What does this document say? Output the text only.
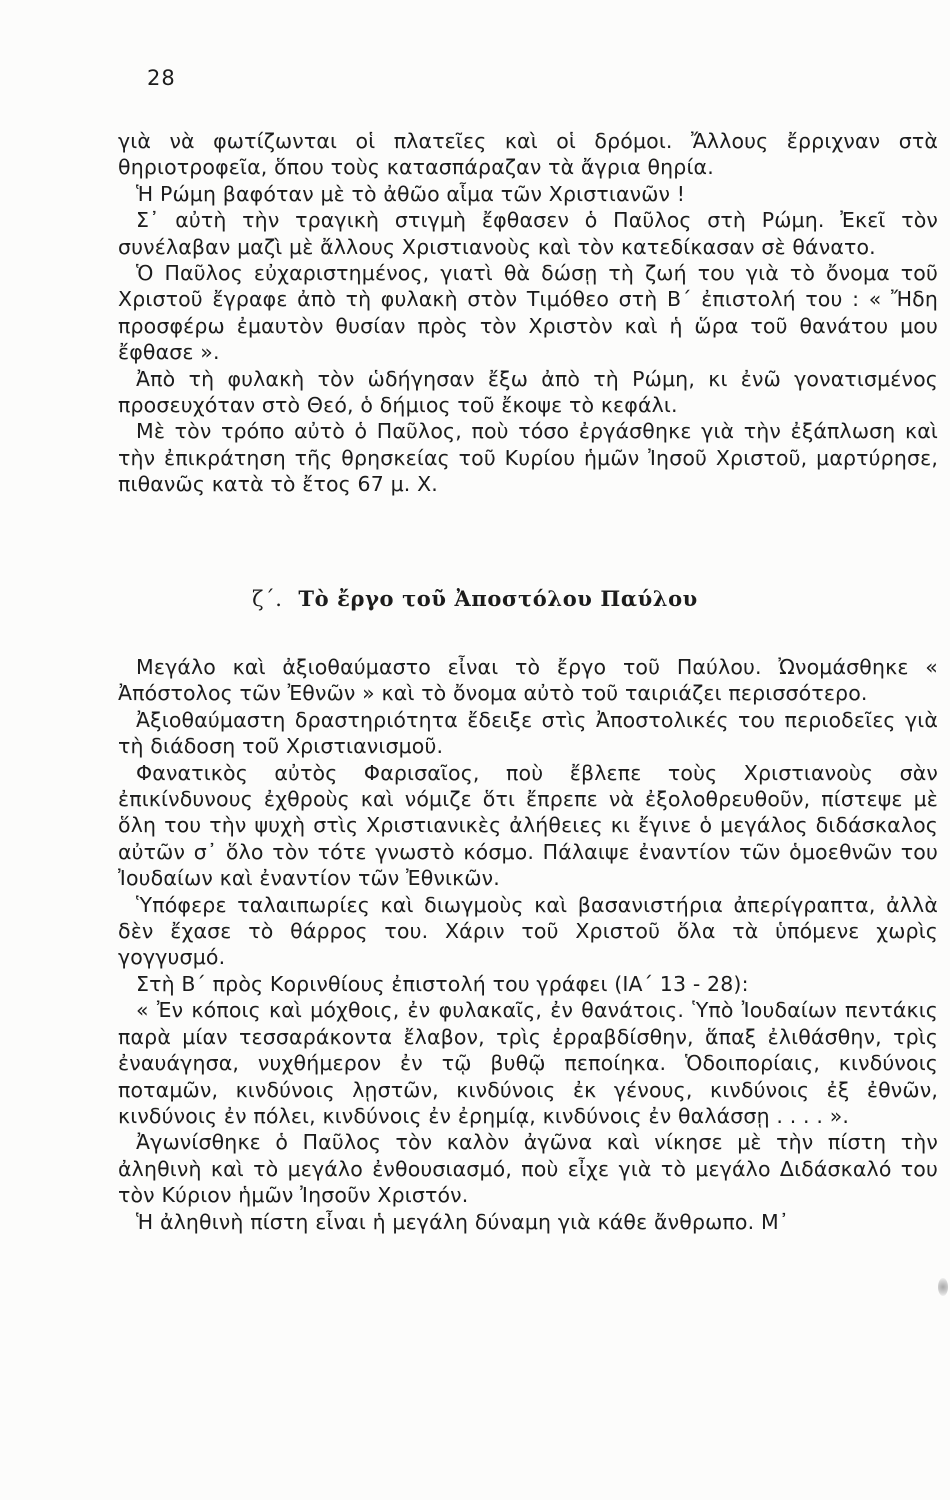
28

γιὰ νὰ φωτίζωνται οἱ πλατεῖες καὶ οἱ δρόμοι. Ἄλλους ἔρριχναν στὰ θηριοτροφεῖα, ὅπου τοὺς κατασπάραζαν τὰ ἄγρια θηρία.

Ἡ Ρώμη βαφόταν μὲ τὸ ἀθῶο αἷμα τῶν Χριστιανῶν !

Σ᾽ αὐτὴ τὴν τραγικὴ στιγμὴ ἔφθασεν ὁ Παῦλος στὴ Ρώμη. Ἐκεῖ τὸν συνέλαβαν μαζὶ μὲ ἄλλους Χριστιανοὺς καὶ τὸν κατεδίκασαν σὲ θάνατο.

Ὁ Παῦλος εὐχαριστημένος, γιατὶ θὰ δώσῃ τὴ ζωή του γιὰ τὸ ὄνομα τοῦ Χριστοῦ ἔγραφε ἀπὸ τὴ φυλακὴ στὸν Τιμόθεο στὴ Β΄ ἐπιστολή του : « Ἤδη προσφέρω ἐμαυτὸν θυσίαν πρὸς τὸν Χριστὸν καὶ ἡ ὥρα τοῦ θανάτου μου ἔφθασε ».

Ἀπὸ τὴ φυλακὴ τὸν ὡδήγησαν ἔξω ἀπὸ τὴ Ρώμη, κι ἐνῶ γονατισμένος προσευχόταν στὸ Θεό, ὁ δήμιος τοῦ ἔκοψε τὸ κεφάλι.

Μὲ τὸν τρόπο αὐτὸ ὁ Παῦλος, ποὺ τόσο ἐργάσθηκε γιὰ τὴν ἐξάπλωση καὶ τὴν ἐπικράτηση τῆς θρησκείας τοῦ Κυρίου ἡμῶν Ἰησοῦ Χριστοῦ, μαρτύρησε, πιθανῶς κατὰ τὸ ἔτος 67 μ. Χ.

ζ΄. Τὸ ἔργο τοῦ Ἀποστόλου Παύλου

Μεγάλο καὶ ἀξιοθαύμαστο εἶναι τὸ ἔργο τοῦ Παύλου. Ὠνομάσθηκε « Ἀπόστολος τῶν Ἐθνῶν » καὶ τὸ ὄνομα αὐτὸ τοῦ ταιριάζει περισσότερο.

Ἀξιοθαύμαστη δραστηριότητα ἔδειξε στὶς Ἀποστολικές του περιοδεῖες γιὰ τὴ διάδοση τοῦ Χριστιανισμοῦ.

Φανατικὸς αὐτὸς Φαρισαῖος, ποὺ ἔβλεπε τοὺς Χριστιανοὺς σὰν ἐπικίνδυνους ἐχθροὺς καὶ νόμιζε ὅτι ἔπρεπε νὰ ἐξολοθρευθοῦν, πίστεψε μὲ ὅλη του τὴν ψυχὴ στὶς Χριστιανικὲς ἀλήθειες κι ἔγινε ὁ μεγάλος διδάσκαλος αὐτῶν σ᾽ ὅλο τὸν τότε γνωστὸ κόσμο. Πάλαιψε ἐναντίον τῶν ὁμοεθνῶν του Ἰουδαίων καὶ ἐναντίον τῶν Ἐθνικῶν.

Ὑπόφερε ταλαιπωρίες καὶ διωγμοὺς καὶ βασανιστήρια ἀπερίγραπτα, ἀλλὰ δὲν ἔχασε τὸ θάρρος του. Χάριν τοῦ Χριστοῦ ὅλα τὰ ὑπόμενε χωρὶς γογγυσμό.

Στὴ Β΄ πρὸς Κορινθίους ἐπιστολή του γράφει (ΙΑ΄ 13 - 28):

« Ἐν κόποις καὶ μόχθοις, ἐν φυλακαῖς, ἐν θανάτοις. Ὑπὸ Ἰουδαίων πεντάκις παρὰ μίαν τεσσαράκοντα ἔλαβον, τρὶς ἐρραβδίσθην, ἅπαξ ἐλιθάσθην, τρὶς ἐναυάγησα, νυχθήμερον ἐν τῷ βυθῷ πεποίηκα. Ὁδοιπορίαις, κινδύνοις ποταμῶν, κινδύνοις λῃστῶν, κινδύνοις ἐκ γένους, κινδύνοις ἐξ ἐθνῶν, κινδύνοις ἐν πόλει, κινδύνοις ἐν ἐρημίᾳ, κινδύνοις ἐν θαλάσσῃ . . . . ».

Ἀγωνίσθηκε ὁ Παῦλος τὸν καλὸν ἀγῶνα καὶ νίκησε μὲ τὴν πίστη τὴν ἀληθινὴ καὶ τὸ μεγάλο ἐνθουσιασμό, ποὺ εἶχε γιὰ τὸ μεγάλο Διδάσκαλό του τὸν Κύριον ἡμῶν Ἰησοῦν Χριστόν.

Ἡ ἀληθινὴ πίστη εἶναι ἡ μεγάλη δύναμη γιὰ κάθε ἄνθρωπο. Μ᾽
